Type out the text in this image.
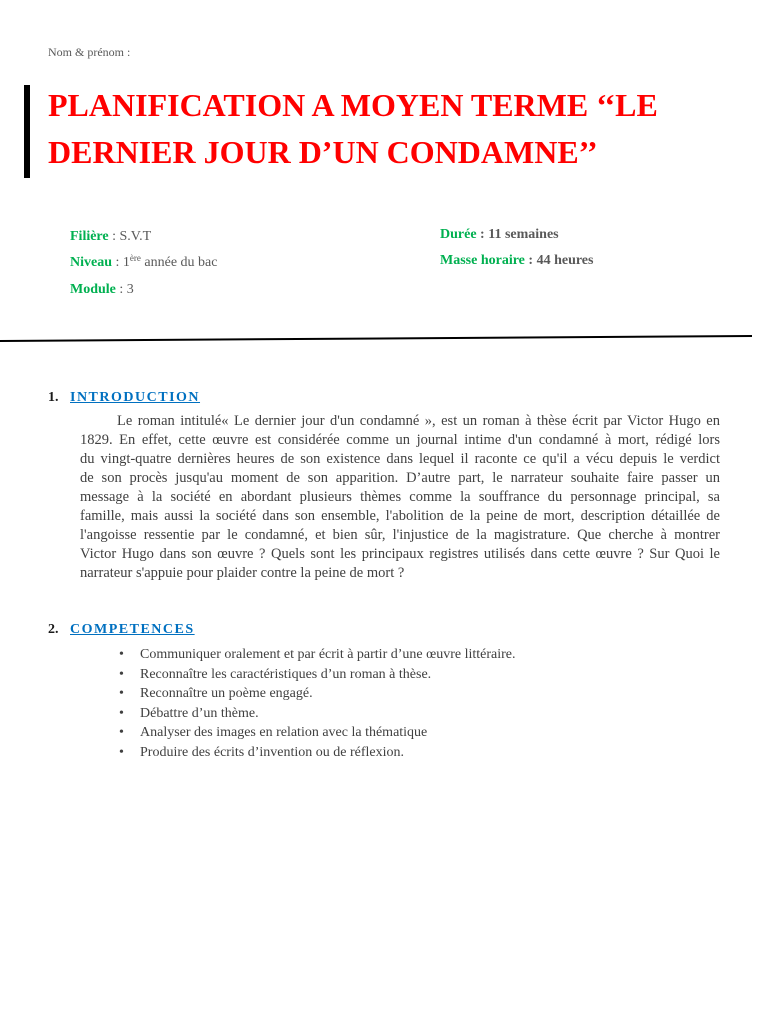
Nom & prénom :
PLANIFICATION A MOYEN TERME ‘‘LE
DERNIER JOUR D’UN CONDAMNE’’
Filière : S.V.T
Niveau : 1ère année du bac
Module : 3
Durée : 11 semaines
Masse horaire : 44 heures
1. INTRODUCTION
Le roman intitulé« Le dernier jour d'un condamné », est un roman à thèse écrit par Victor Hugo en
1829. En effet, cette œuvre est considérée comme un journal intime d'un condamné à mort, rédigé lors
du vingt-quatre dernières heures de son existence dans lequel il raconte ce qu'il a vécu depuis le verdict
de son procès jusqu'au moment de son apparition. D’autre part, le narrateur souhaite faire passer un
message à la société en abordant plusieurs thèmes comme la souffrance du personnage principal, sa
famille, mais aussi la société dans son ensemble, l'abolition de la peine de mort, description détaillée de
l'angoisse ressentie par le condamné, et bien sûr, l'injustice de la magistrature. Que cherche à montrer
Victor Hugo dans son œuvre ? Quels sont les principaux registres utilisés dans cette œuvre ? Sur Quoi le
narrateur s'appuie pour plaider contre la peine de mort ?
2. COMPETENCES
•	Communiquer oralement et par écrit à partir d’une œuvre littéraire.
•	Reconnaître les caractéristiques d’un roman à thèse.
•	Reconnaître un poème engagé.
•	Débattre d’un thème.
•	Analyser des images en relation avec la thématique
•	Produire des écrits d’invention ou de réflexion.
